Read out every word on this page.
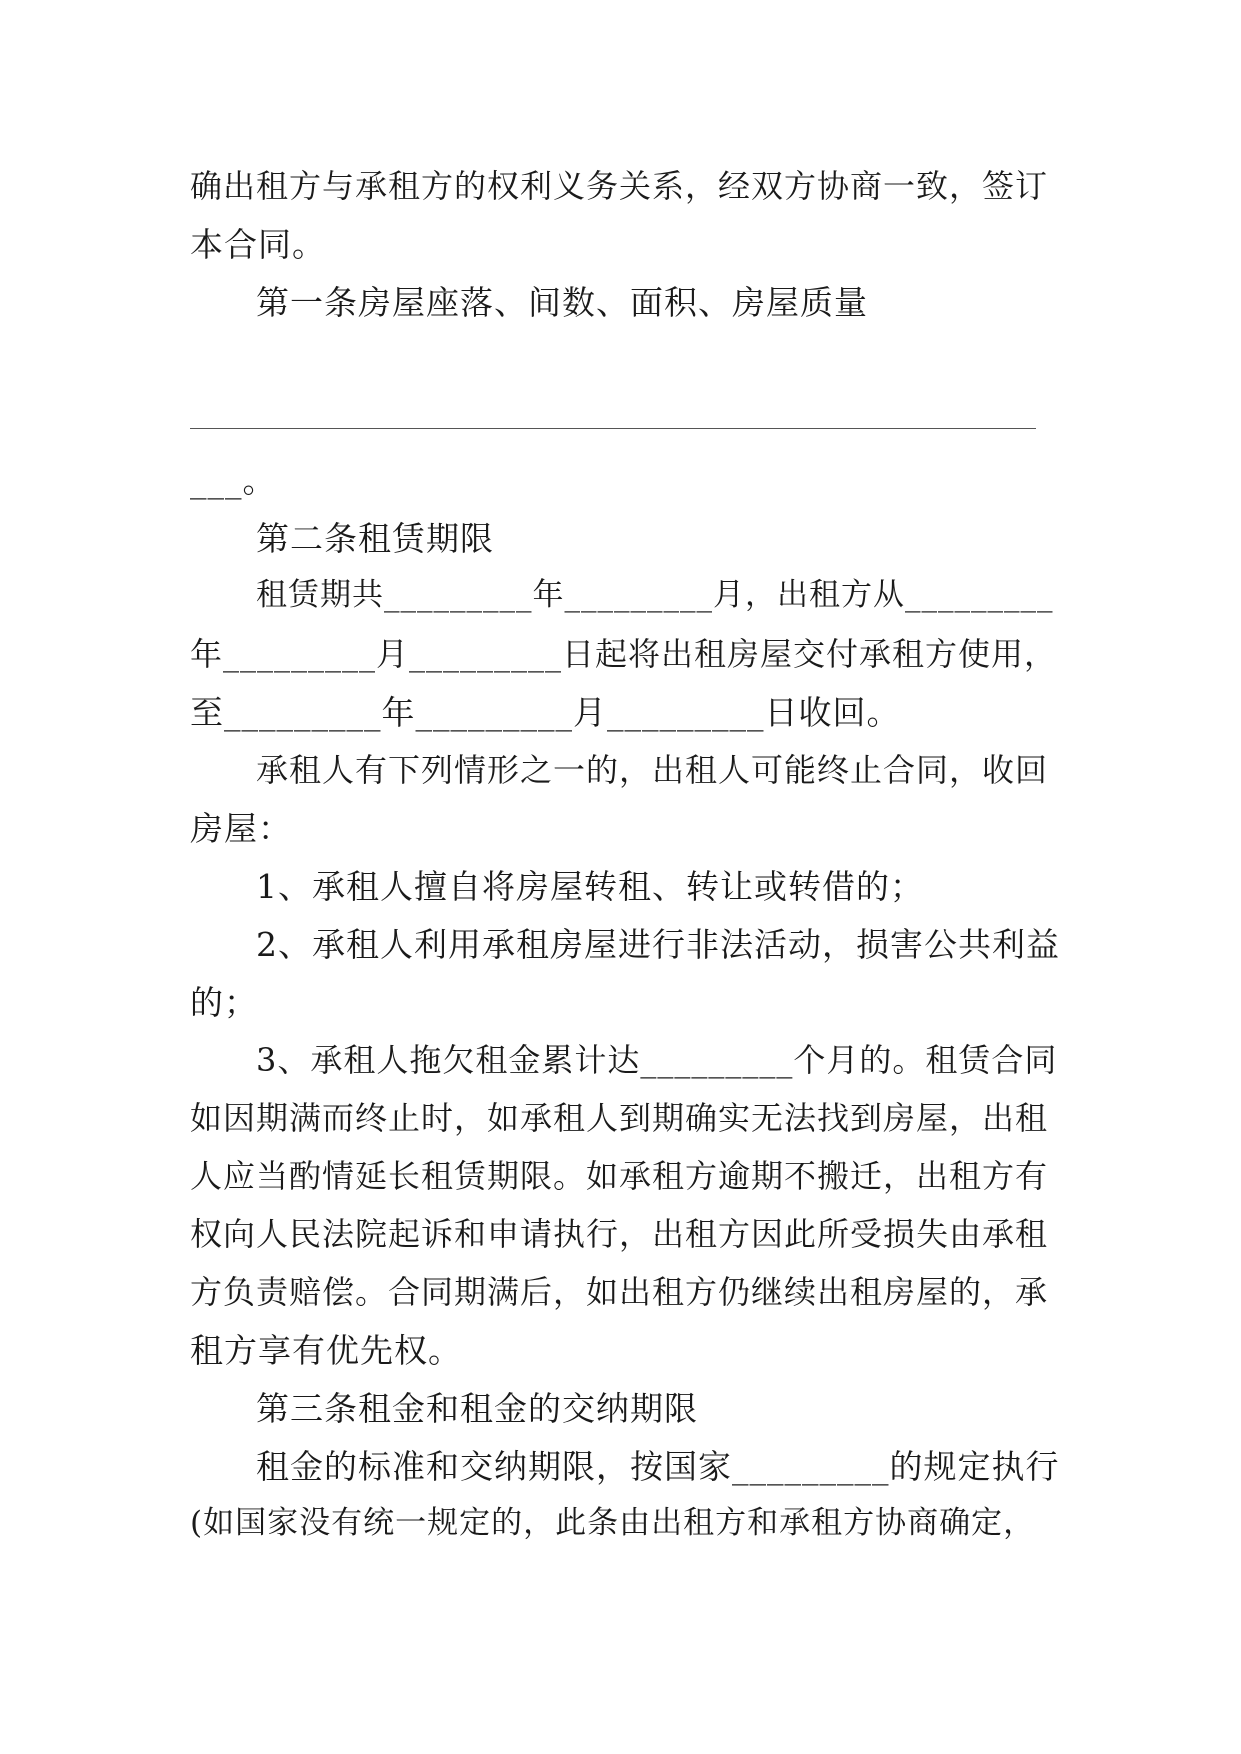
确出租方与承租方的权利义务关系，经双方协商一致，签订
本合同。
第一条房屋座落、间数、面积、房屋质量
___。
第二条租赁期限
租赁期共_________年_________月，出租方从_________
年_________月_________日起将出租房屋交付承租方使用，
至_________年_________月_________日收回。
承租人有下列情形之一的，出租人可能终止合同，收回
房屋：
1、承租人擅自将房屋转租、转让或转借的；
2、承租人利用承租房屋进行非法活动，损害公共利益
的；
3、承租人拖欠租金累计达_________个月的。租赁合同
如因期满而终止时，如承租人到期确实无法找到房屋，出租
人应当酌情延长租赁期限。如承租方逾期不搬迁，出租方有
权向人民法院起诉和申请执行，出租方因此所受损失由承租
方负责赔偿。合同期满后，如出租方仍继续出租房屋的，承
租方享有优先权。
第三条租金和租金的交纳期限
租金的标准和交纳期限，按国家_________的规定执行
(如国家没有统一规定的，此条由出租方和承租方协商确定，
